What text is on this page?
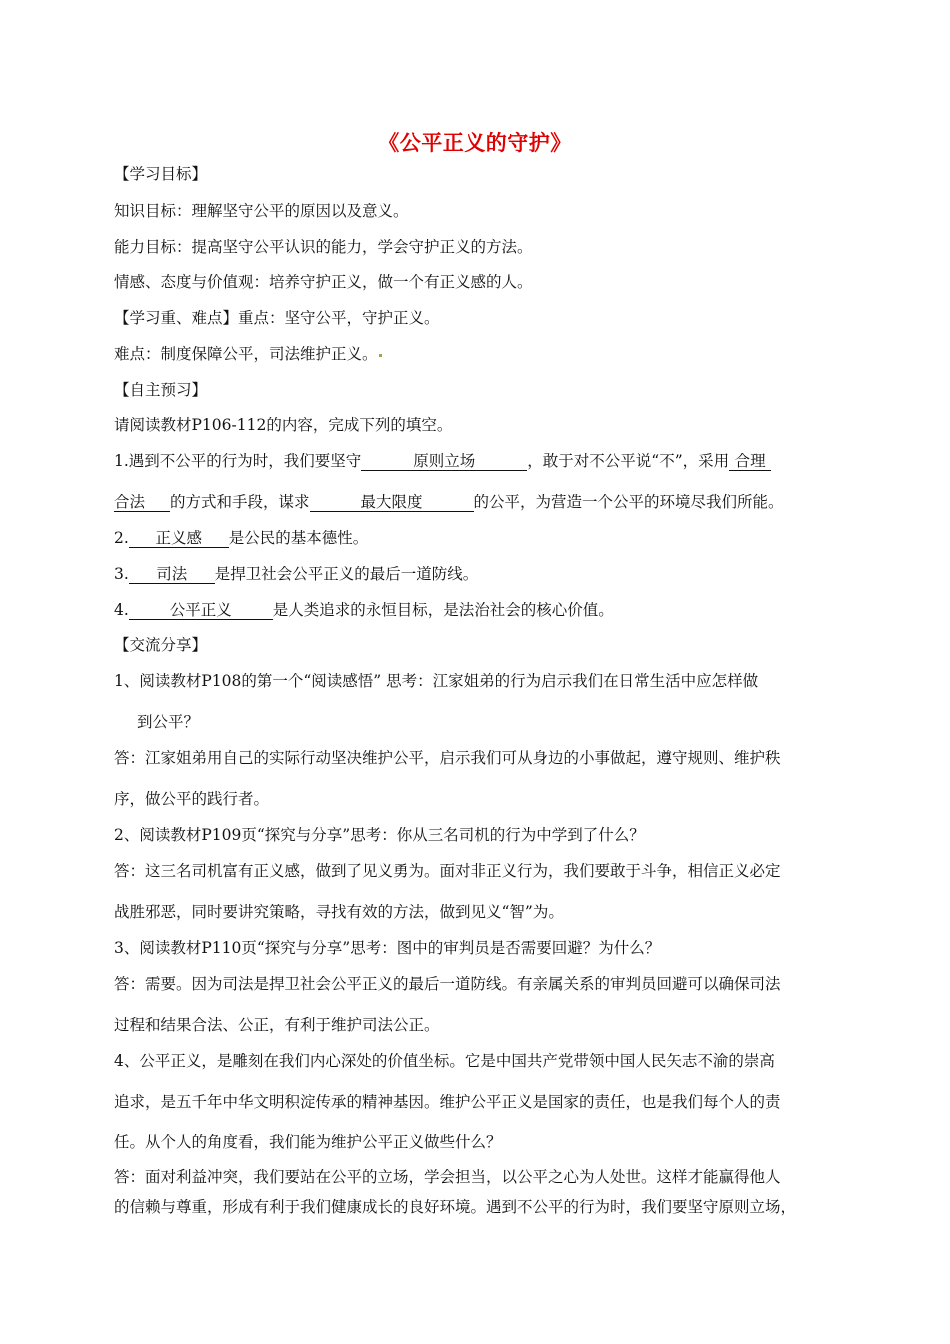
《公平正义的守护》
【学习目标】
知识目标：理解坚守公平的原因以及意义。
能力目标：提高坚守公平认识的能力，学会守护正义的方法。
情感、态度与价值观：培养守护正义，做一个有正义感的人。
【学习重、难点】重点：坚守公平，守护正义。
难点：制度保障公平，司法维护正义。
【自主预习】
请阅读教材P106-112的内容，完成下列的填空。
1.遇到不公平的行为时，我们要坚守	原则立场	，敢于对不公平说“不”，采用 合理
合法 的方式和手段，谋求	最大限度	的公平，为营造一个公平的环境尽我们所能。
2. 正义感 是公民的基本德性。
3. 司法 是捍卫社会公平正义的最后一道防线。
4.	公平正义	是人类追求的永恒目标，是法治社会的核心价值。
【交流分享】
1、阅读教材P108的第一个“阅读感悟” 思考：江家姐弟的行为启示我们在日常生活中应怎样做
到公平？
答：江家姐弟用自己的实际行动坚决维护公平，启示我们可从身边的小事做起，遵守规则、维护秩
序，做公平的践行者。
2、阅读教材P109页“探究与分享”思考：你从三名司机的行为中学到了什么？
答：这三名司机富有正义感，做到了见义勇为。面对非正义行为，我们要敢于斗争，相信正义必定
战胜邪恶，同时要讲究策略，寻找有效的方法，做到见义“智”为。
3、阅读教材P110页“探究与分享”思考：图中的审判员是否需要回避？为什么？
答：需要。因为司法是捍卫社会公平正义的最后一道防线。有亲属关系的审判员回避可以确保司法
过程和结果合法、公正，有利于维护司法公正。
4、公平正义，是雕刻在我们内心深处的价值坐标。它是中国共产党带领中国人民矢志不渝的崇高
追求，是五千年中华文明积淀传承的精神基因。维护公平正义是国家的责任，也是我们每个人的责
任。从个人的角度看，我们能为维护公平正义做些什么？
答：面对利益冲突，我们要站在公平的立场，学会担当，以公平之心为人处世。这样才能赢得他人
的信赖与尊重，形成有利于我们健康成长的良好环境。遇到不公平的行为时，我们要坚守原则立场，
